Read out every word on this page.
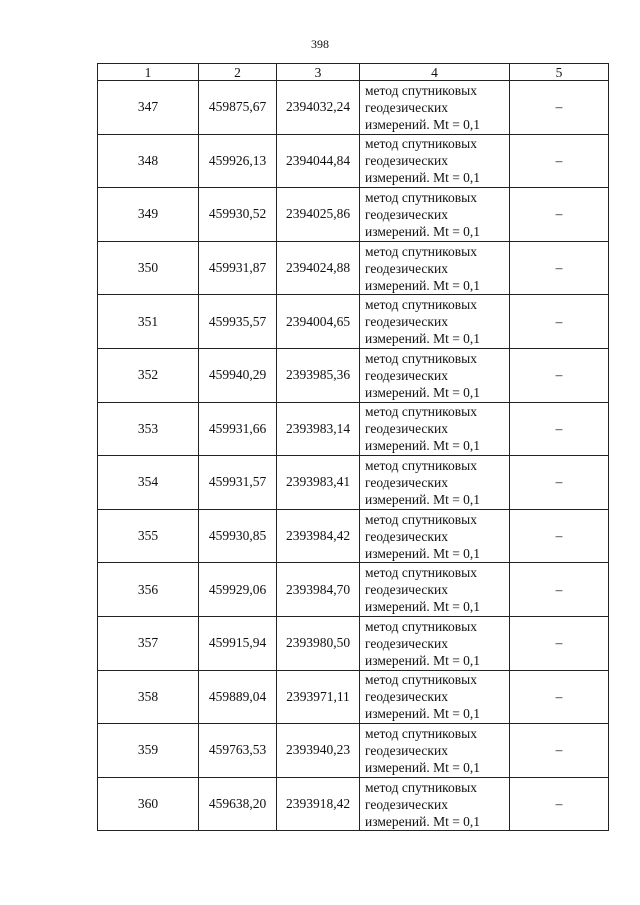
398
1	2	3	4	5
347	459875,67	2394032,24	метод спутниковых
геодезических
измерений. Mt = 0,1	–
348	459926,13	2394044,84	метод спутниковых
геодезических
измерений. Mt = 0,1	–
349	459930,52	2394025,86	метод спутниковых
геодезических
измерений. Mt = 0,1	–
350	459931,87	2394024,88	метод спутниковых
геодезических
измерений. Mt = 0,1	–
351	459935,57	2394004,65	метод спутниковых
геодезических
измерений. Mt = 0,1	–
352	459940,29	2393985,36	метод спутниковых
геодезических
измерений. Mt = 0,1	–
353	459931,66	2393983,14	метод спутниковых
геодезических
измерений. Mt = 0,1	–
354	459931,57	2393983,41	метод спутниковых
геодезических
измерений. Mt = 0,1	–
355	459930,85	2393984,42	метод спутниковых
геодезических
измерений. Mt = 0,1	–
356	459929,06	2393984,70	метод спутниковых
геодезических
измерений. Mt = 0,1	–
357	459915,94	2393980,50	метод спутниковых
геодезических
измерений. Mt = 0,1	–
358	459889,04	2393971,11	метод спутниковых
геодезических
измерений. Mt = 0,1	–
359	459763,53	2393940,23	метод спутниковых
геодезических
измерений. Mt = 0,1	–
360	459638,20	2393918,42	метод спутниковых
геодезических
измерений. Mt = 0,1	–
